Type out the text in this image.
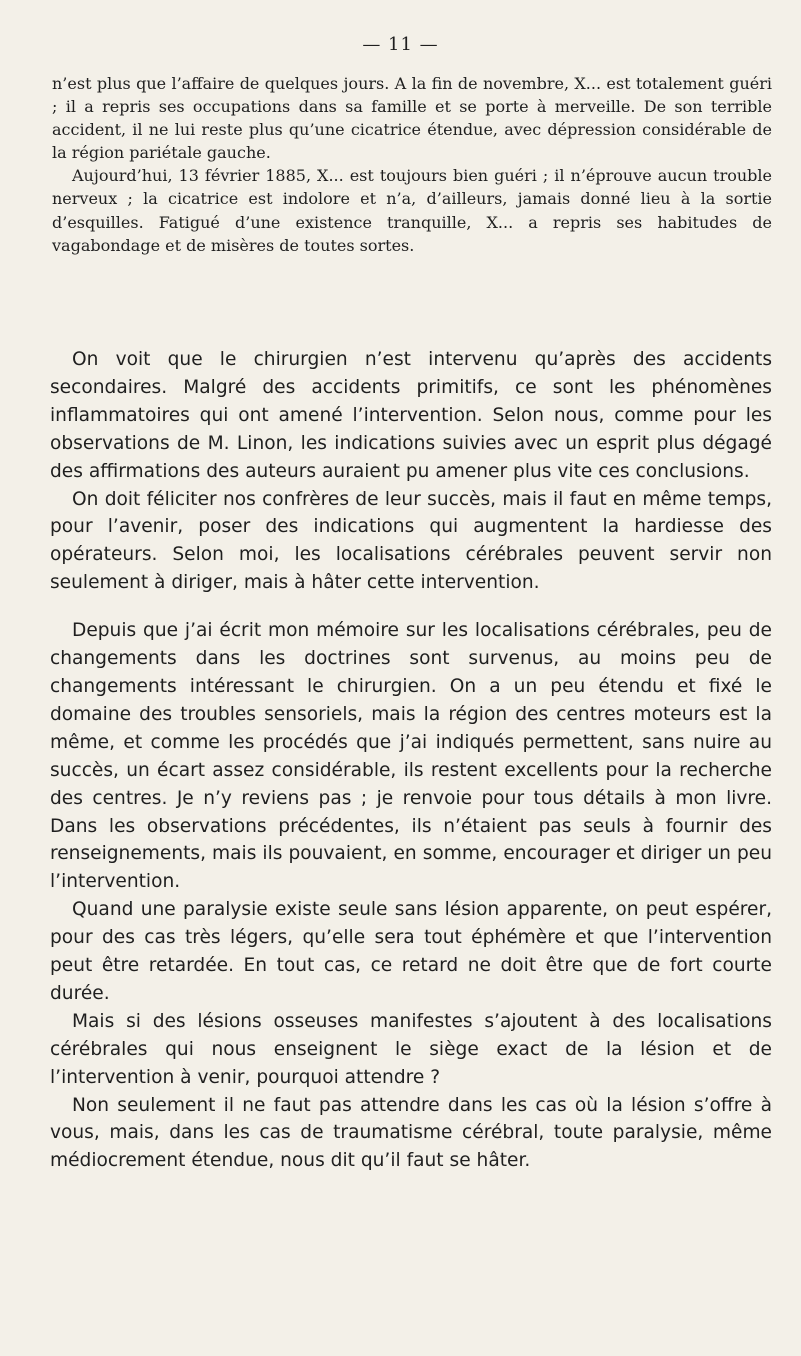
— 11 —

n’est plus que l’affaire de quelques jours. A la fin de novembre, X... est totalement guéri ; il a repris ses occupations dans sa famille et se porte à merveille. De son terrible accident, il ne lui reste plus qu’une cicatrice étendue, avec dépression considérable de la région pariétale gauche.

Aujourd’hui, 13 février 1885, X... est toujours bien guéri ; il n’éprouve aucun trouble nerveux ; la cicatrice est indolore et n’a, d’ailleurs, jamais donné lieu à la sortie d’esquilles. Fatigué d’une existence tranquille, X... a repris ses habitudes de vagabondage et de misères de toutes sortes.

On voit que le chirurgien n’est intervenu qu’après des accidents secondaires. Malgré des accidents primitifs, ce sont les phénomènes inflammatoires qui ont amené l’intervention. Selon nous, comme pour les observations de M. Linon, les indications suivies avec un esprit plus dégagé des affirmations des auteurs auraient pu amener plus vite ces conclusions.

On doit féliciter nos confrères de leur succès, mais il faut en même temps, pour l’avenir, poser des indications qui augmentent la hardiesse des opérateurs. Selon moi, les localisations cérébrales peuvent servir non seulement à diriger, mais à hâter cette intervention.

Depuis que j’ai écrit mon mémoire sur les localisations cérébrales, peu de changements dans les doctrines sont survenus, au moins peu de changements intéressant le chirurgien. On a un peu étendu et fixé le domaine des troubles sensoriels, mais la région des centres moteurs est la même, et comme les procédés que j’ai indiqués permettent, sans nuire au succès, un écart assez considérable, ils restent excellents pour la recherche des centres. Je n’y reviens pas ; je renvoie pour tous détails à mon livre. Dans les observations précédentes, ils n’étaient pas seuls à fournir des renseignements, mais ils pouvaient, en somme, encourager et diriger un peu l’intervention.

Quand une paralysie existe seule sans lésion apparente, on peut espérer, pour des cas très légers, qu’elle sera tout éphémère et que l’intervention peut être retardée. En tout cas, ce retard ne doit être que de fort courte durée.

Mais si des lésions osseuses manifestes s’ajoutent à des localisations cérébrales qui nous enseignent le siège exact de la lésion et de l’intervention à venir, pourquoi attendre ?

Non seulement il ne faut pas attendre dans les cas où la lésion s’offre à vous, mais, dans les cas de traumatisme cérébral, toute paralysie, même médiocrement étendue, nous dit qu’il faut se hâter.
